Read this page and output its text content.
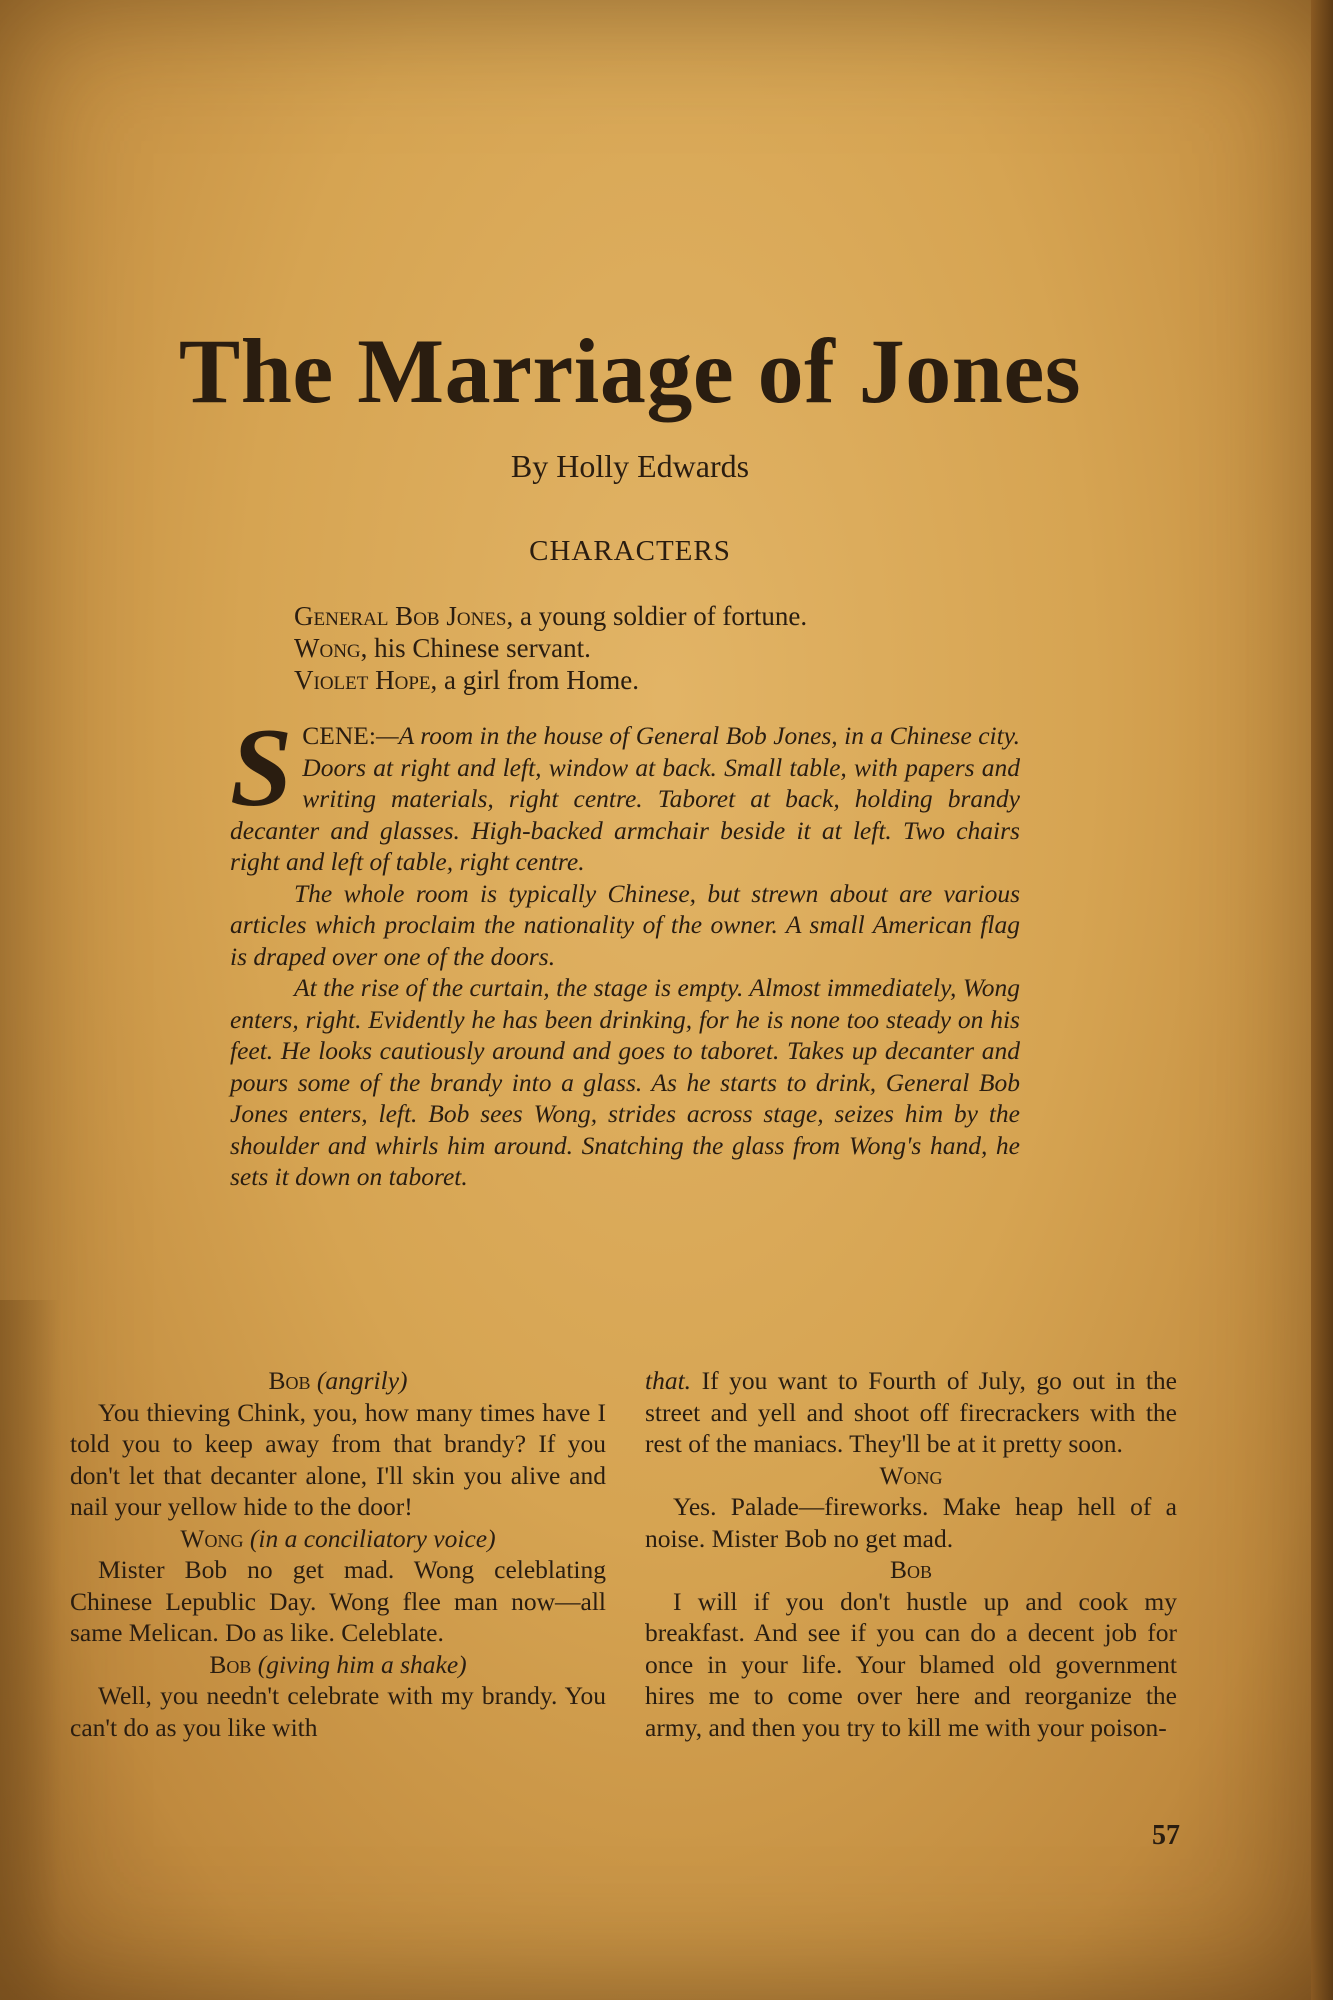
The Marriage of Jones

By Holly Edwards

CHARACTERS

General Bob Jones, a young soldier of fortune.
Wong, his Chinese servant.
Violet Hope, a girl from Home.

SCENE:—A room in the house of General Bob Jones, in a Chinese city. Doors at right and left, window at back. Small table, with papers and writing materials, right centre. Taboret at back, holding brandy decanter and glasses. High-backed armchair beside it at left. Two chairs right and left of table, right centre.

The whole room is typically Chinese, but strewn about are various articles which proclaim the nationality of the owner. A small American flag is draped over one of the doors.

At the rise of the curtain, the stage is empty. Almost immediately, Wong enters, right. Evidently he has been drinking, for he is none too steady on his feet. He looks cautiously around and goes to taboret. Takes up decanter and pours some of the brandy into a glass. As he starts to drink, General Bob Jones enters, left. Bob sees Wong, strides across stage, seizes him by the shoulder and whirls him around. Snatching the glass from Wong's hand, he sets it down on taboret.

Bob (angrily)
You thieving Chink, you, how many times have I told you to keep away from that brandy? If you don't let that decanter alone, I'll skin you alive and nail your yellow hide to the door!
Wong (in a conciliatory voice)
Mister Bob no get mad. Wong celeblating Chinese Lepublic Day. Wong flee man now—all same Melican. Do as like. Celeblate.
Bob (giving him a shake)
Well, you needn't celebrate with my brandy. You can't do as you like with
that. If you want to Fourth of July, go out in the street and yell and shoot off firecrackers with the rest of the maniacs. They'll be at it pretty soon.
Wong
Yes. Palade—fireworks. Make heap hell of a noise. Mister Bob no get mad.
Bob
I will if you don't hustle up and cook my breakfast. And see if you can do a decent job for once in your life. Your blamed old government hires me to come over here and reorganize the army, and then you try to kill me with your poison-
57
